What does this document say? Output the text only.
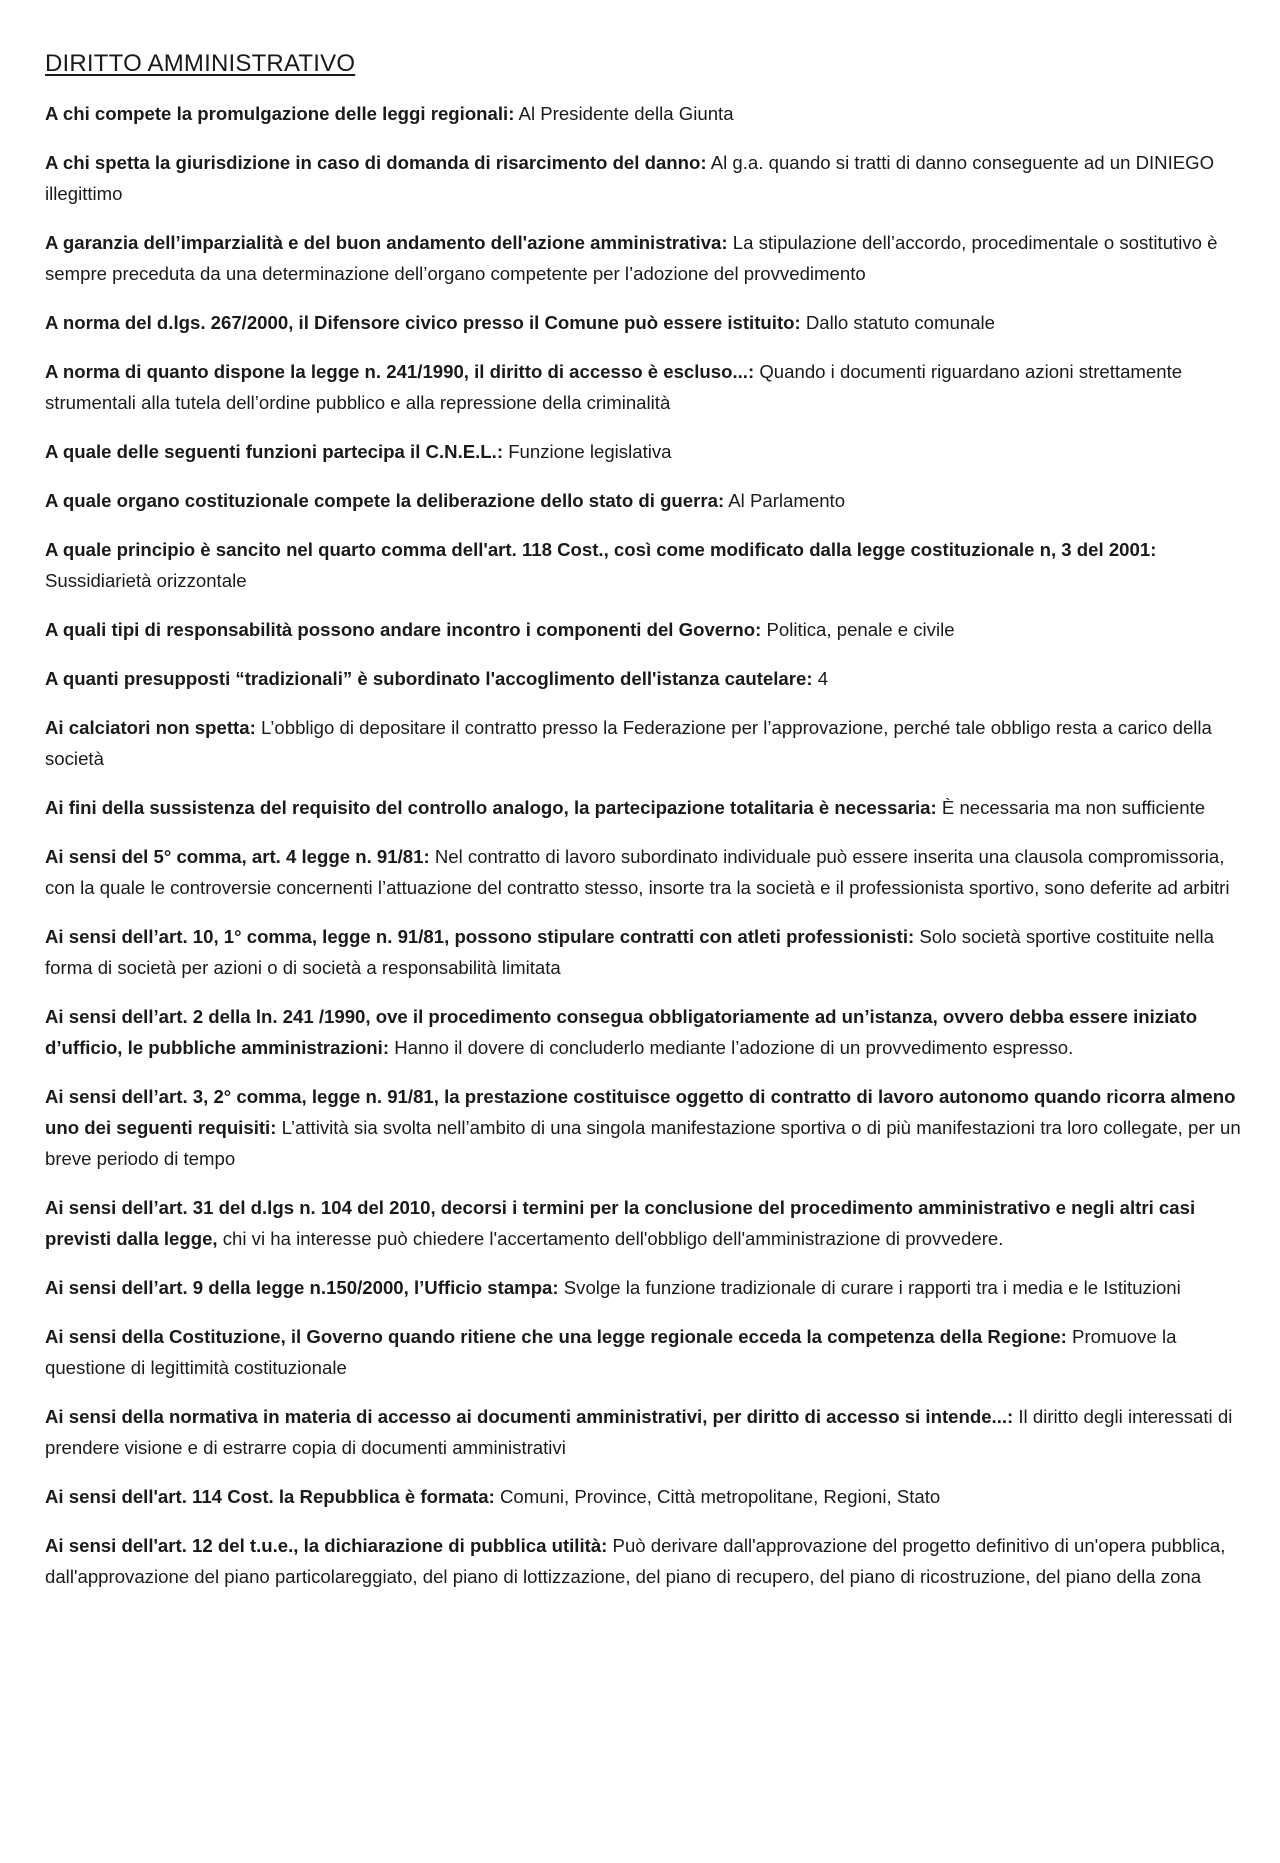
DIRITTO AMMINISTRATIVO

A chi compete la promulgazione delle leggi regionali: Al Presidente della Giunta

A chi spetta la giurisdizione in caso di domanda di risarcimento del danno: Al g.a. quando si tratti di danno conseguente ad un DINIEGO illegittimo

A garanzia dell’imparzialità e del buon andamento dell'azione amministrativa: La stipulazione dell’accordo, procedimentale o sostitutivo è sempre preceduta da una determinazione dell’organo competente per l’adozione del provvedimento

A norma del d.lgs. 267/2000, il Difensore civico presso il Comune può essere istituito: Dallo statuto comunale

A norma di quanto dispone la legge n. 241/1990, il diritto di accesso è escluso...: Quando i documenti riguardano azioni strettamente strumentali alla tutela dell’ordine pubblico e alla repressione della criminalità

A quale delle seguenti funzioni partecipa il C.N.E.L.: Funzione legislativa

A quale organo costituzionale compete la deliberazione dello stato di guerra: Al Parlamento

A quale principio è sancito nel quarto comma dell'art. 118 Cost., così come modificato dalla legge costituzionale n, 3 del 2001: Sussidiarietà orizzontale

A quali tipi di responsabilità possono andare incontro i componenti del Governo: Politica, penale e civile

A quanti presupposti “tradizionali” è subordinato l'accoglimento dell'istanza cautelare: 4

Ai calciatori non spetta: L’obbligo di depositare il contratto presso la Federazione per l’approvazione, perché tale obbligo resta a carico della società

Ai fini della sussistenza del requisito del controllo analogo, la partecipazione totalitaria è necessaria: È necessaria ma non sufficiente

Ai sensi del 5° comma, art. 4 legge n. 91/81: Nel contratto di lavoro subordinato individuale può essere inserita una clausola compromissoria, con la quale le controversie concernenti l’attuazione del contratto stesso, insorte tra la società e il professionista sportivo, sono deferite ad arbitri

Ai sensi dell’art. 10, 1° comma, legge n. 91/81, possono stipulare contratti con atleti professionisti: Solo società sportive costituite nella forma di società per azioni o di società a responsabilità limitata

Ai sensi dell’art. 2 della ln. 241 /1990, ove il procedimento consegua obbligatoriamente ad un’istanza, ovvero debba essere iniziato d’ufficio, le pubbliche amministrazioni: Hanno il dovere di concluderlo mediante l’adozione di un provvedimento espresso.

Ai sensi dell’art. 3, 2° comma, legge n. 91/81, la prestazione costituisce oggetto di contratto di lavoro autonomo quando ricorra almeno uno dei seguenti requisiti: L’attività sia svolta nell’ambito di una singola manifestazione sportiva o di più manifestazioni tra loro collegate, per un breve periodo di tempo

Ai sensi dell’art. 31 del d.lgs n. 104 del 2010, decorsi i termini per la conclusione del procedimento amministrativo e negli altri casi previsti dalla legge, chi vi ha interesse può chiedere l'accertamento dell'obbligo dell'amministrazione di provvedere.

Ai sensi dell’art. 9 della legge n.150/2000, l’Ufficio stampa: Svolge la funzione tradizionale di curare i rapporti tra i media e le Istituzioni

Ai sensi della Costituzione, il Governo quando ritiene che una legge regionale ecceda la competenza della Regione: Promuove la questione di legittimità costituzionale

Ai sensi della normativa in materia di accesso ai documenti amministrativi, per diritto di accesso si intende...: Il diritto degli interessati di prendere visione e di estrarre copia di documenti amministrativi

Ai sensi dell'art. 114 Cost. la Repubblica è formata: Comuni, Province, Città metropolitane, Regioni, Stato

Ai sensi dell'art. 12 del t.u.e., la dichiarazione di pubblica utilità: Può derivare dall'approvazione del progetto definitivo di un'opera pubblica, dall'approvazione del piano particolareggiato, del piano di lottizzazione, del piano di recupero, del piano di ricostruzione, del piano della zona
